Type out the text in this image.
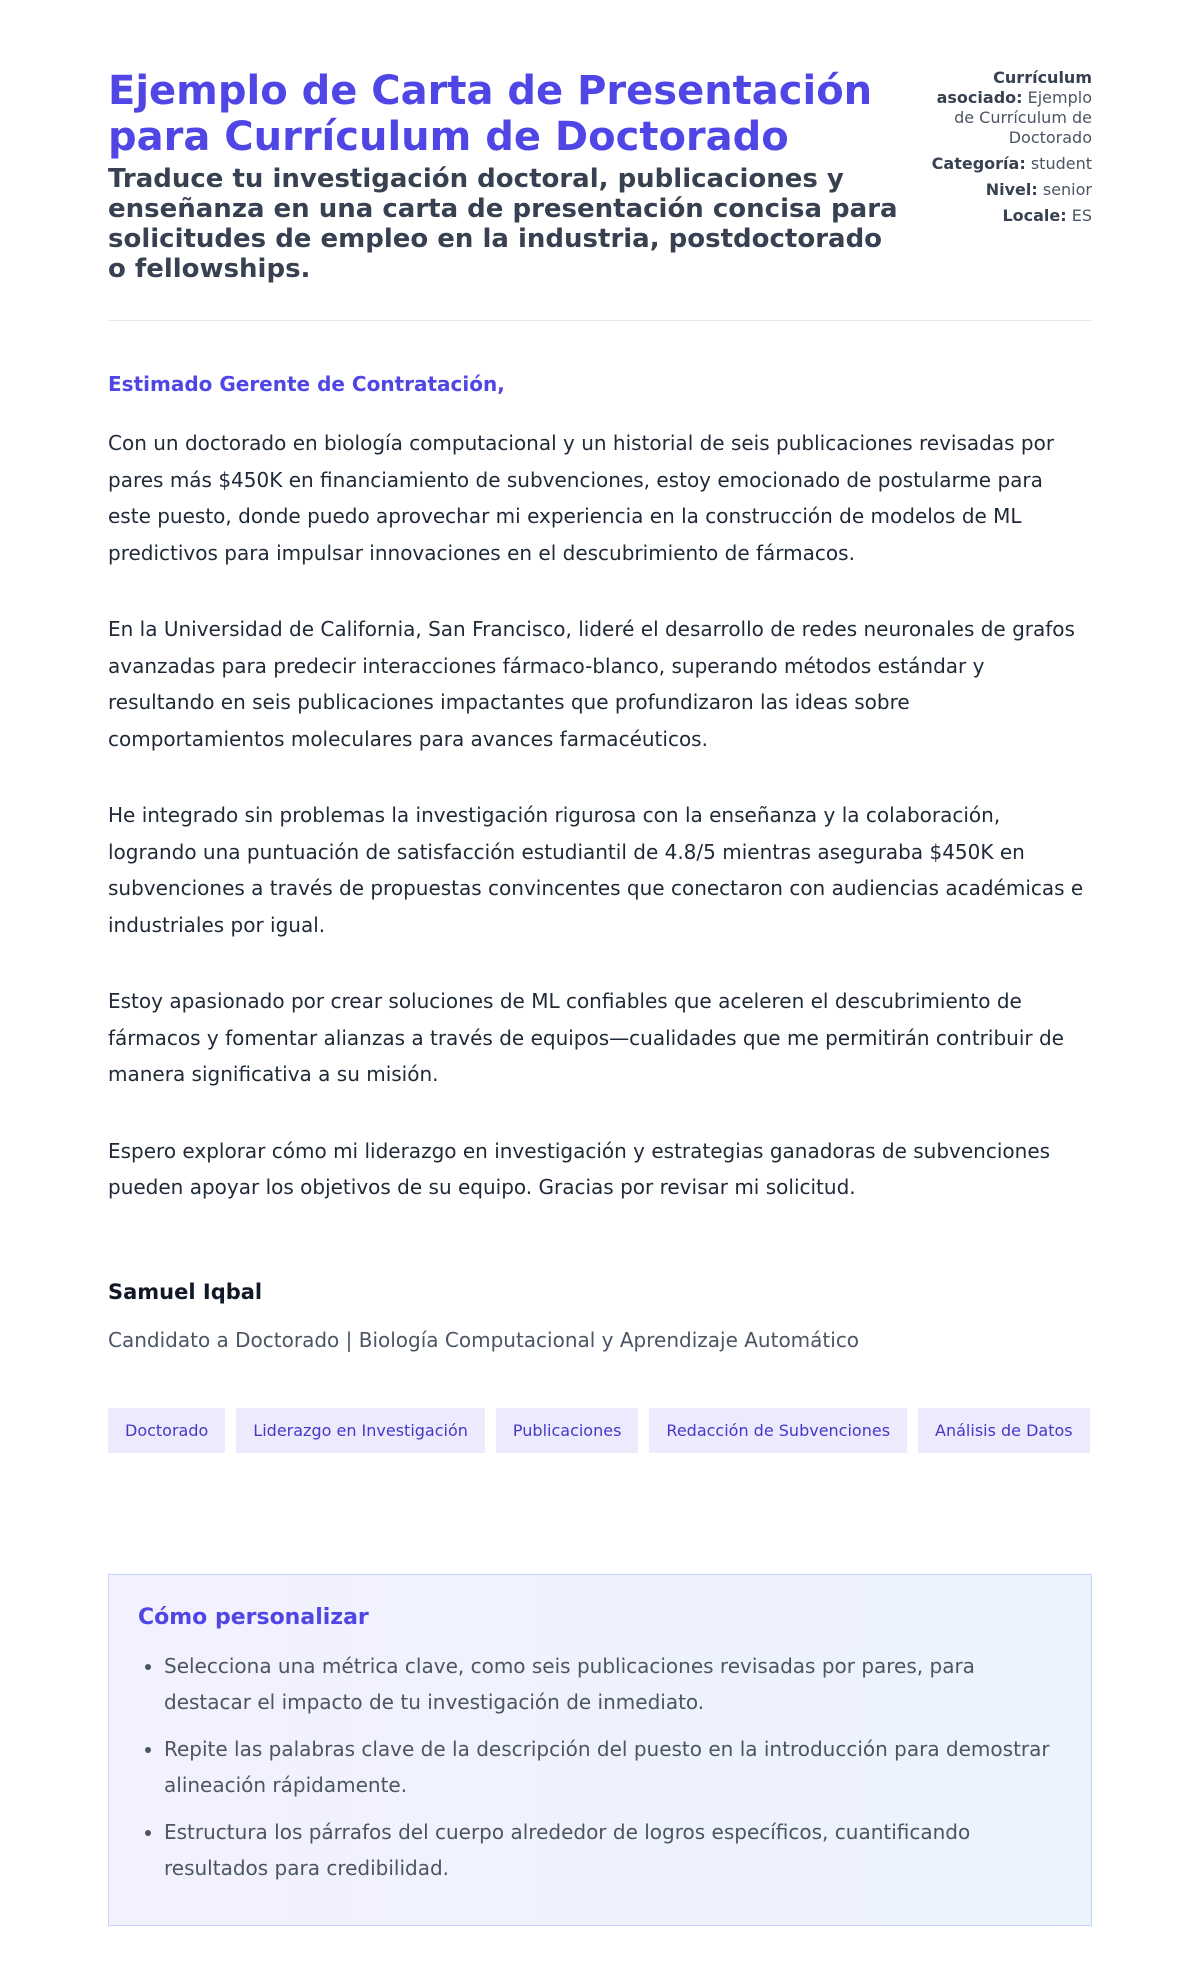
Ejemplo de Carta de Presentación para Currículum de Doctorado
Traduce tu investigación doctoral, publicaciones y enseñanza en una carta de presentación concisa para solicitudes de empleo en la industria, postdoctorado o fellowships.
Currículum asociado: Ejemplo de Currículum de Doctorado
Categoría: student
Nivel: senior
Locale: ES

Estimado Gerente de Contratación,

Con un doctorado en biología computacional y un historial de seis publicaciones revisadas por pares más $450K en financiamiento de subvenciones, estoy emocionado de postularme para este puesto, donde puedo aprovechar mi experiencia en la construcción de modelos de ML predictivos para impulsar innovaciones en el descubrimiento de fármacos.

En la Universidad de California, San Francisco, lideré el desarrollo de redes neuronales de grafos avanzadas para predecir interacciones fármaco-blanco, superando métodos estándar y resultando en seis publicaciones impactantes que profundizaron las ideas sobre comportamientos moleculares para avances farmacéuticos.

He integrado sin problemas la investigación rigurosa con la enseñanza y la colaboración, logrando una puntuación de satisfacción estudiantil de 4.8/5 mientras aseguraba $450K en subvenciones a través de propuestas convincentes que conectaron con audiencias académicas e industriales por igual.

Estoy apasionado por crear soluciones de ML confiables que aceleren el descubrimiento de fármacos y fomentar alianzas a través de equipos—cualidades que me permitirán contribuir de manera significativa a su misión.

Espero explorar cómo mi liderazgo en investigación y estrategias ganadoras de subvenciones pueden apoyar los objetivos de su equipo. Gracias por revisar mi solicitud.

Samuel Iqbal
Candidato a Doctorado | Biología Computacional y Aprendizaje Automático
Doctorado	Liderazgo en Investigación	Publicaciones	Redacción de Subvenciones	Análisis de Datos
Cómo personalizar
• Selecciona una métrica clave, como seis publicaciones revisadas por pares, para destacar el impacto de tu investigación de inmediato.
• Repite las palabras clave de la descripción del puesto en la introducción para demostrar alineación rápidamente.
• Estructura los párrafos del cuerpo alrededor de logros específicos, cuantificando resultados para credibilidad.
